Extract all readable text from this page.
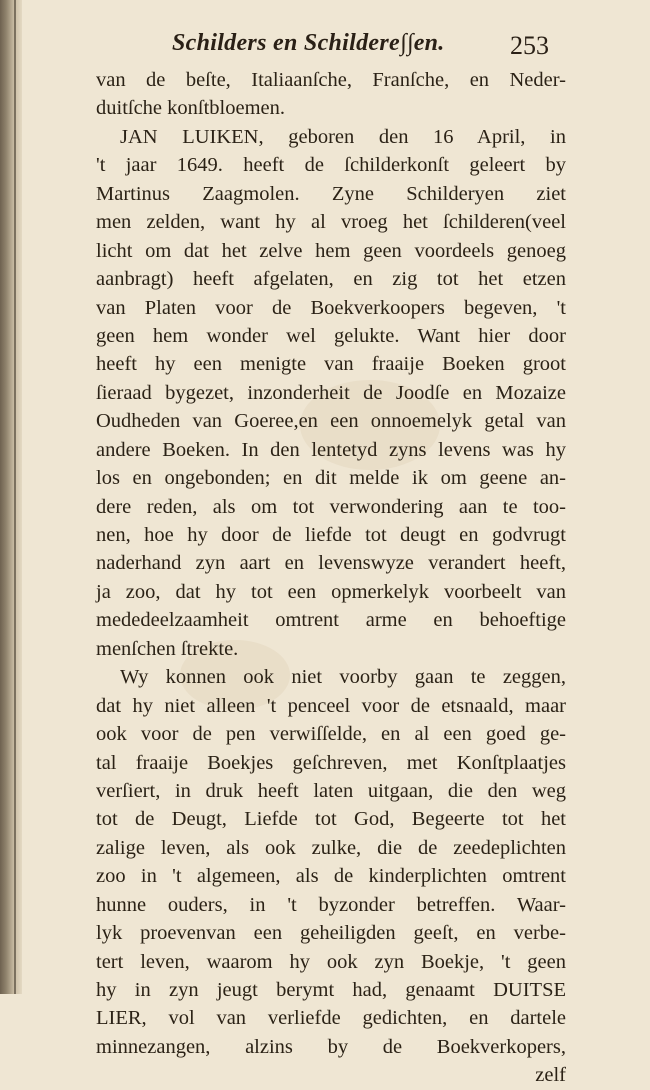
Schilders en Schildere∫∫en.	253
van de beſte, Italiaanſche, Franſche, en Neder-
duitſche konſtbloemen.
JAN LUIKEN, geboren den 16 April, in
't jaar 1649. heeft de ſchilderkonſt geleert by
Martinus Zaagmolen. Zyne Schilderyen ziet
men zelden, want hy al vroeg het ſchilderen(veel
licht om dat het zelve hem geen voordeels genoeg
aanbragt) heeft afgelaten, en zig tot het etzen
van Platen voor de Boekverkoopers begeven, 't
geen hem wonder wel gelukte. Want hier door
heeft hy een menigte van fraaije Boeken groot
ſieraad bygezet, inzonderheit de Joodſe en Mozaize
Oudheden van Goeree,en een onnoemelyk getal van
andere Boeken. In den lentetyd zyns levens was hy
los en ongebonden; en dit melde ik om geene an-
dere reden, als om tot verwondering aan te too-
nen, hoe hy door de liefde tot deugt en godvrugt
naderhand zyn aart en levenswyze verandert heeft,
ja zoo, dat hy tot een opmerkelyk voorbeelt van
mededeelzaamheit omtrent arme en behoeftige
menſchen ſtrekte.
Wy konnen ook niet voorby gaan te zeggen,
dat hy niet alleen 't penceel voor de etsnaald, maar
ook voor de pen verwiſſelde, en al een goed ge-
tal fraaije Boekjes geſchreven, met Konſtplaatjes
verſiert, in druk heeft laten uitgaan, die den weg
tot de Deugt, Liefde tot God, Begeerte tot het
zalige leven, als ook zulke, die de zeedeplichten
zoo in 't algemeen, als de kinderplichten omtrent
hunne ouders, in 't byzonder betreffen. Waar-
lyk proevenvan een geheiligden geeſt, en verbe-
tert leven, waarom hy ook zyn Boekje, 't geen
hy in zyn jeugt berymt had, genaamt DUITSE
LIER, vol van verliefde gedichten, en dartele
minnezangen, alzins by de Boekverkopers,
zelf
